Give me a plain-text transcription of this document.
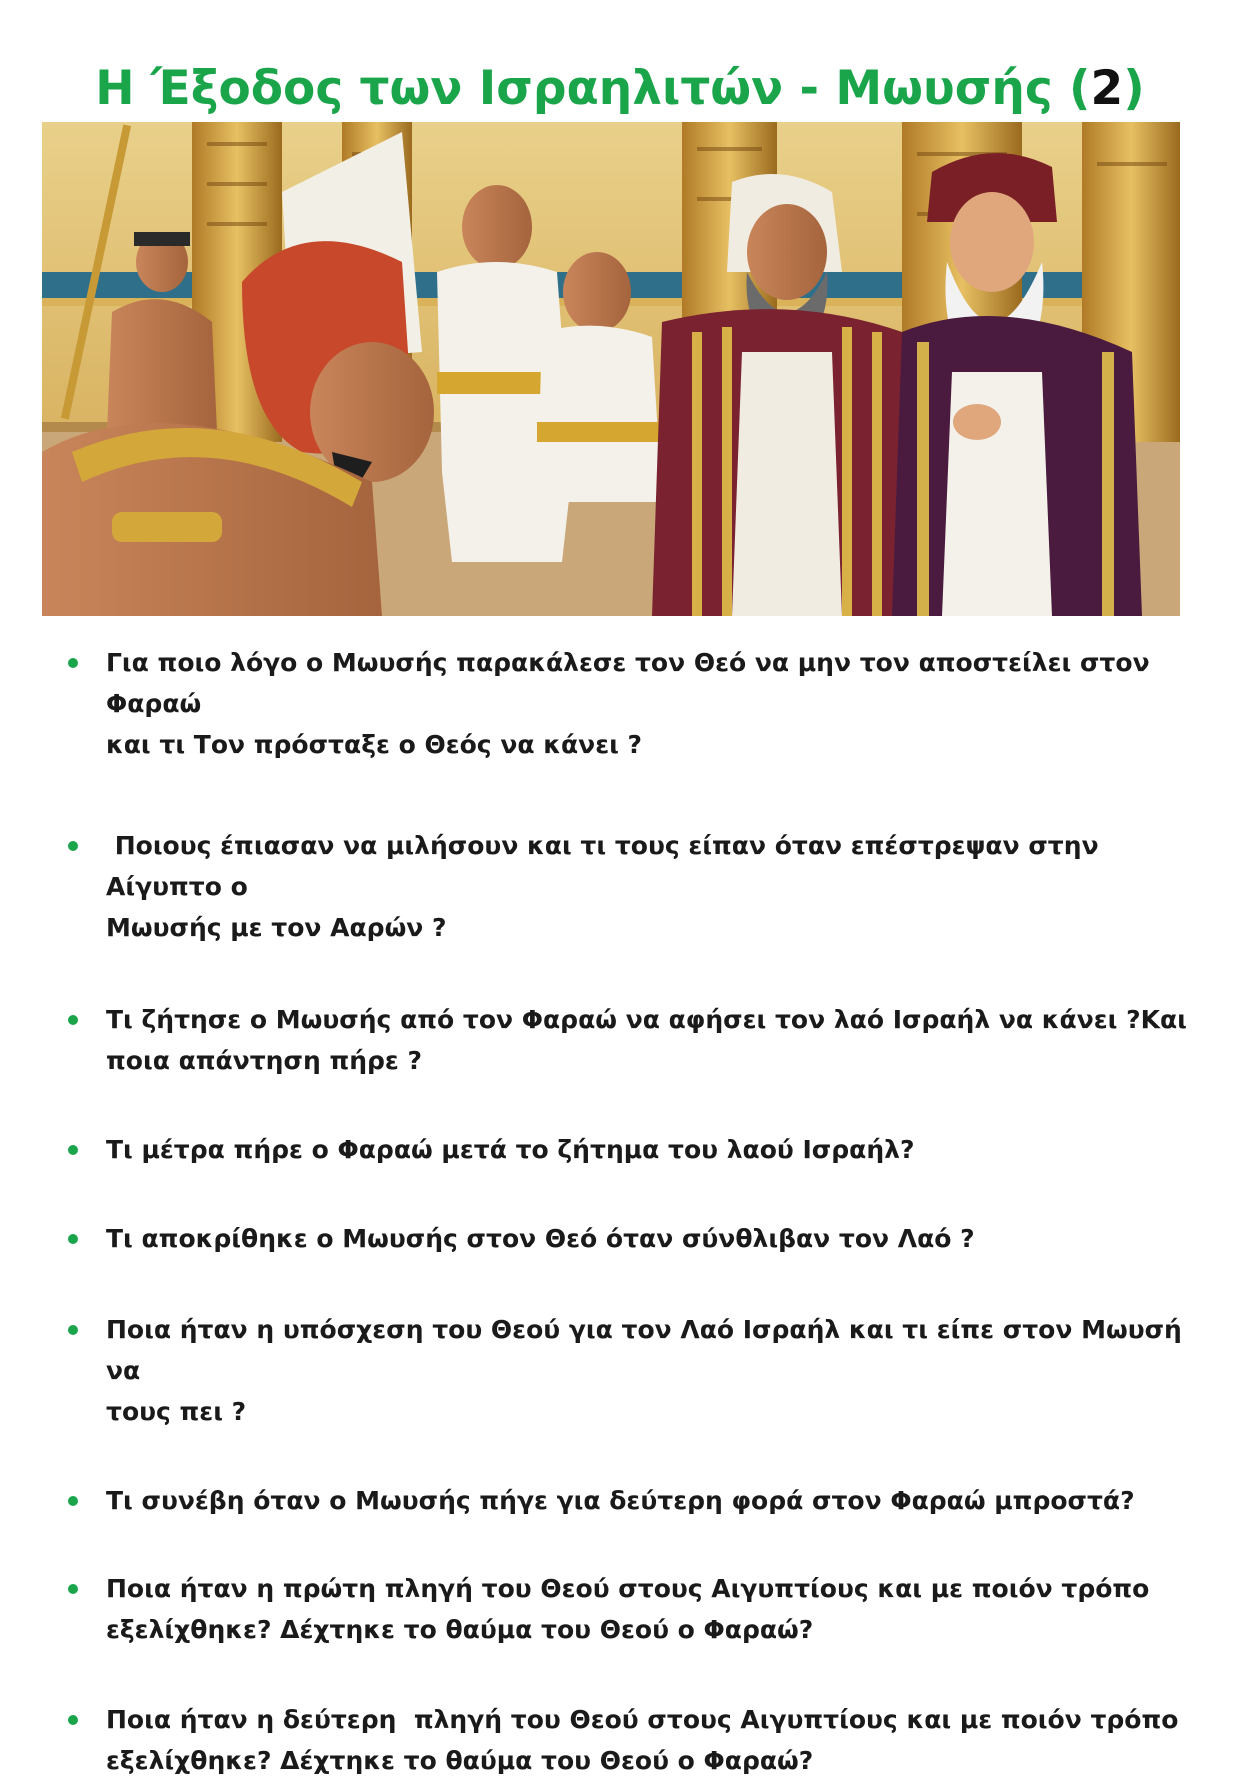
Η Έξοδος των Ισραηλιτών - Μωυσής (2)
Για ποιο λόγο ο Μωυσής παρακάλεσε τον Θεό να μην τον αποστείλει στον Φαραώ
και τι Τον πρόσταξε ο Θεός να κάνει ?
Ποιους έπιασαν να μιλήσουν και τι τους είπαν όταν επέστρεψαν στην Αίγυπτο ο
Μωυσής με τον Ααρών ?
Τι ζήτησε ο Μωυσής από τον Φαραώ να αφήσει τον λαό Ισραήλ να κάνει ?Και
ποια απάντηση πήρε ?
Τι μέτρα πήρε ο Φαραώ μετά το ζήτημα του λαού Ισραήλ?
Τι αποκρίθηκε ο Μωυσής στον Θεό όταν σύνθλιβαν τον Λαό ?
Ποια ήταν η υπόσχεση του Θεού για τον Λαό Ισραήλ και τι είπε στον Μωυσή να
τους πει ?
Τι συνέβη όταν ο Μωυσής πήγε για δεύτερη φορά στον Φαραώ μπροστά?
Ποια ήταν η πρώτη πληγή του Θεού στους Αιγυπτίους και με ποιόν τρόπο
εξελίχθηκε? Δέχτηκε το θαύμα του Θεού ο Φαραώ?
Ποια ήταν η δεύτερη  πληγή του Θεού στους Αιγυπτίους και με ποιόν τρόπο
εξελίχθηκε? Δέχτηκε το θαύμα του Θεού ο Φαραώ?
